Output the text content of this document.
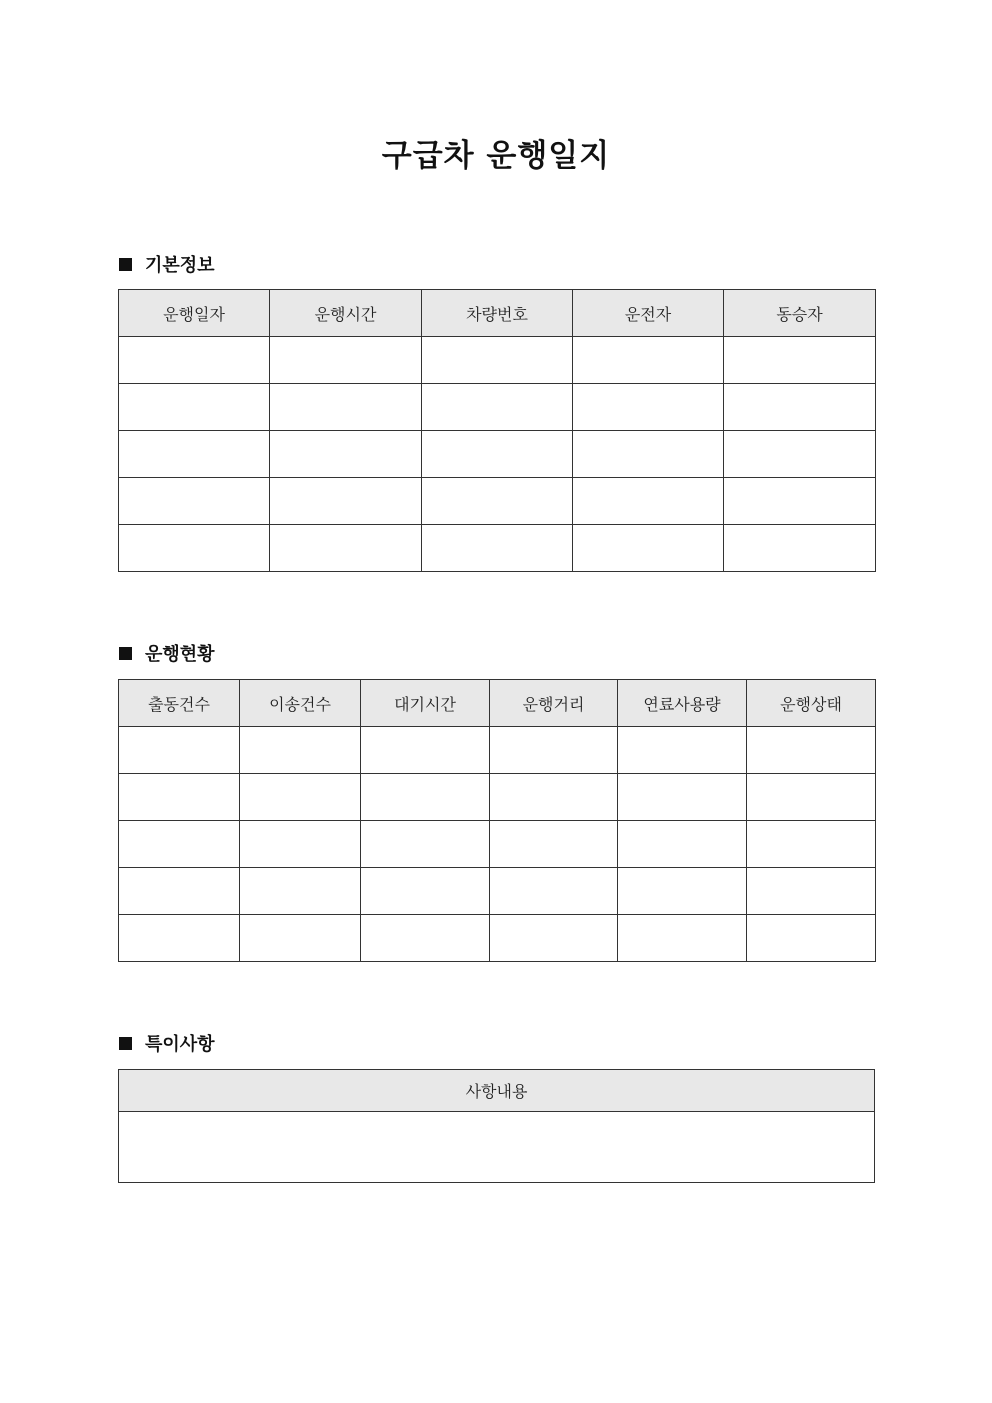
구급차 운행일지
기본정보
운행일자	운행시간	차량번호	운전자	동승자

운행현황
출동건수	이송건수	대기시간	운행거리	연료사용량	운행상태

특이사항
사항내용
